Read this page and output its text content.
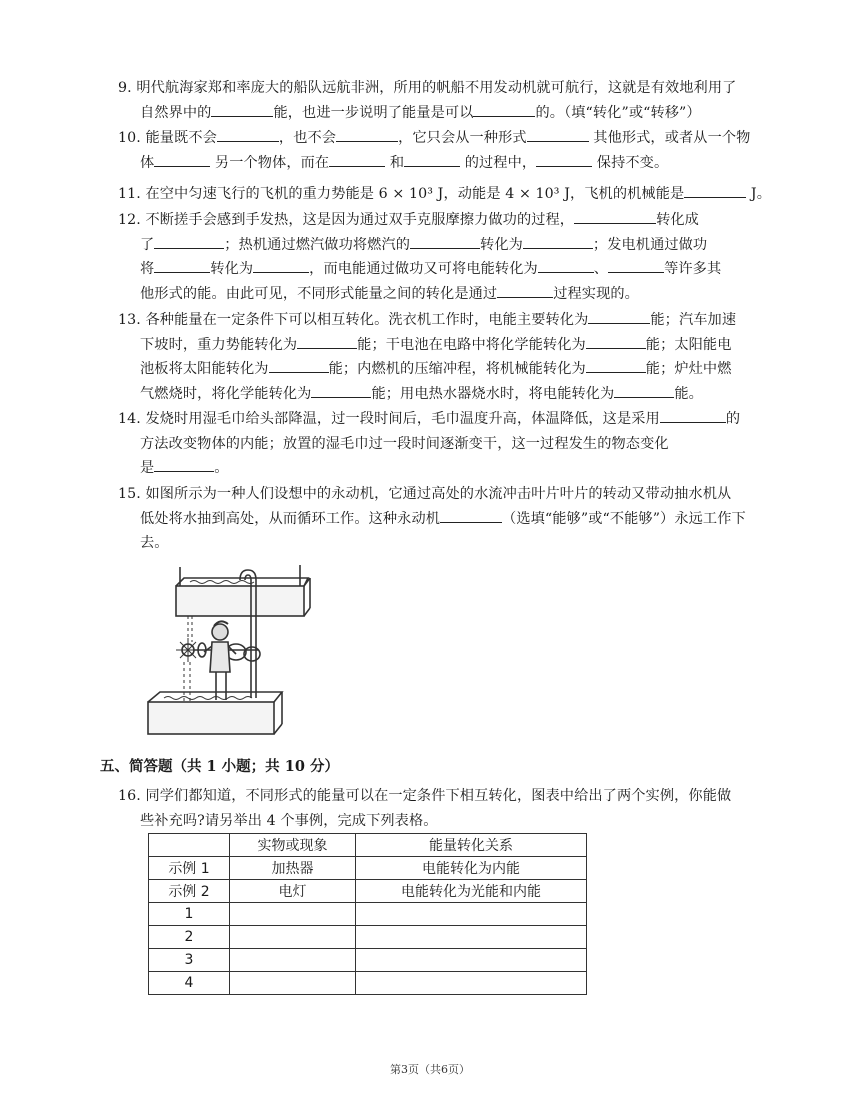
9. 明代航海家郑和率庞大的船队远航非洲，所用的帆船不用发动机就可航行，这就是有效地利用了
自然界中的	能，也进一步说明了能量是可以	的。（填“转化”或“转移”）
10. 能量既不会	，也不会	，它只会从一种形式	其他形式，或者从一个物
体	另一个物体，而在	和	的过程中，	保持不变。
11. 在空中匀速飞行的飞机的重力势能是 6 × 10³ J，动能是 4 × 10³ J，飞机的机械能是	J。
12. 不断搓手会感到手发热，这是因为通过双手克服摩擦力做功的过程，	转化成
了	；热机通过燃汽做功将燃汽的	转化为	；发电机通过做功
将	转化为	，而电能通过做功又可将电能转化为	、	等许多其
他形式的能。由此可见，不同形式能量之间的转化是通过	过程实现的。
13. 各种能量在一定条件下可以相互转化。洗衣机工作时，电能主要转化为	能；汽车加速
下坡时，重力势能转化为	能；干电池在电路中将化学能转化为	能；太阳能电
池板将太阳能转化为	能；内燃机的压缩冲程，将机械能转化为	能；炉灶中燃
气燃烧时，将化学能转化为	能；用电热水器烧水时，将电能转化为	能。
14. 发烧时用湿毛巾给头部降温，过一段时间后，毛巾温度升高，体温降低，这是采用	的
方法改变物体的内能；放置的湿毛巾过一段时间逐渐变干，这一过程发生的物态变化
是	。
15. 如图所示为一种人们设想中的永动机，它通过高处的水流冲击叶片叶片的转动又带动抽水机从
低处将水抽到高处，从而循环工作。这种永动机	（选填“能够”或“不能够”）永远工作下
去。
五、简答题（共 1 小题；共 10 分）
16. 同学们都知道，不同形式的能量可以在一定条件下相互转化，图表中给出了两个实例，你能做
些补充吗?请另举出 4 个事例，完成下列表格。
	实物或现象	能量转化关系
示例 1	加热器	电能转化为内能
示例 2	电灯	电能转化为光能和内能
1		
2		
3		
4		
第3页（共6页）
